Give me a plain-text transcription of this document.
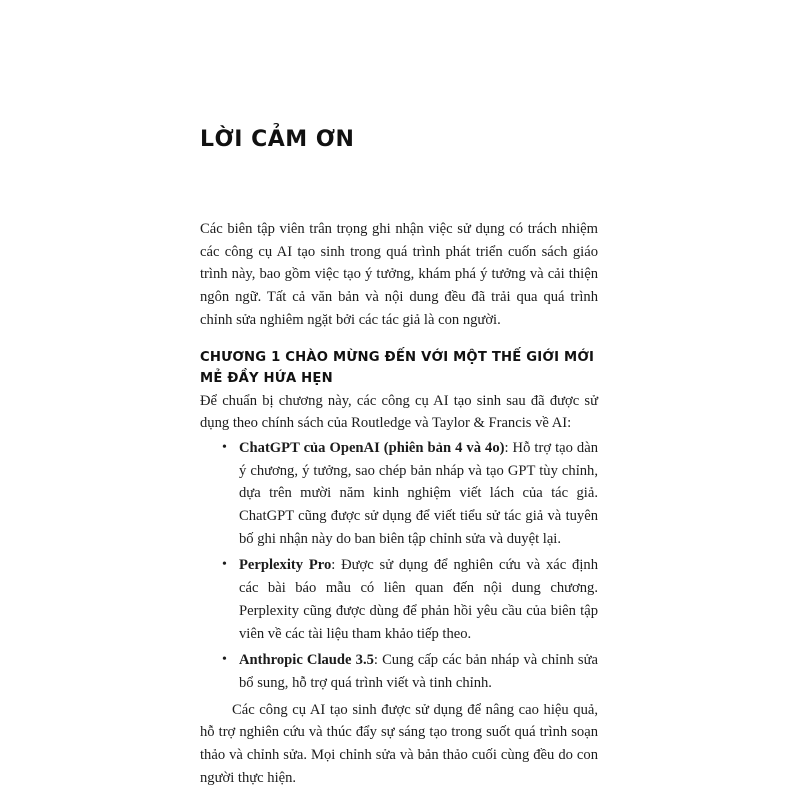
LỜI CẢM ƠN

Các biên tập viên trân trọng ghi nhận việc sử dụng có trách nhiệm các công cụ AI tạo sinh trong quá trình phát triển cuốn sách giáo trình này, bao gồm việc tạo ý tưởng, khám phá ý tưởng và cải thiện ngôn ngữ. Tất cả văn bản và nội dung đều đã trải qua quá trình chỉnh sửa nghiêm ngặt bởi các tác giả là con người.

CHƯƠNG 1 CHÀO MỪNG ĐẾN VỚI MỘT THẾ GIỚI MỚI MẺ ĐẦY HỨA HẸN

Để chuẩn bị chương này, các công cụ AI tạo sinh sau đã được sử dụng theo chính sách của Routledge và Taylor & Francis về AI:

• ChatGPT của OpenAI (phiên bản 4 và 4o): Hỗ trợ tạo dàn ý chương, ý tưởng, sao chép bản nháp và tạo GPT tùy chỉnh, dựa trên mười năm kinh nghiệm viết lách của tác giả. ChatGPT cũng được sử dụng để viết tiểu sử tác giả và tuyên bố ghi nhận này do ban biên tập chỉnh sửa và duyệt lại.
• Perplexity Pro: Được sử dụng để nghiên cứu và xác định các bài báo mẫu có liên quan đến nội dung chương. Perplexity cũng được dùng để phản hồi yêu cầu của biên tập viên về các tài liệu tham khảo tiếp theo.
• Anthropic Claude 3.5: Cung cấp các bản nháp và chỉnh sửa bổ sung, hỗ trợ quá trình viết và tinh chỉnh.

Các công cụ AI tạo sinh được sử dụng để nâng cao hiệu quả, hỗ trợ nghiên cứu và thúc đẩy sự sáng tạo trong suốt quá trình soạn thảo và chỉnh sửa. Mọi chỉnh sửa và bản thảo cuối cùng đều do con người thực hiện.
